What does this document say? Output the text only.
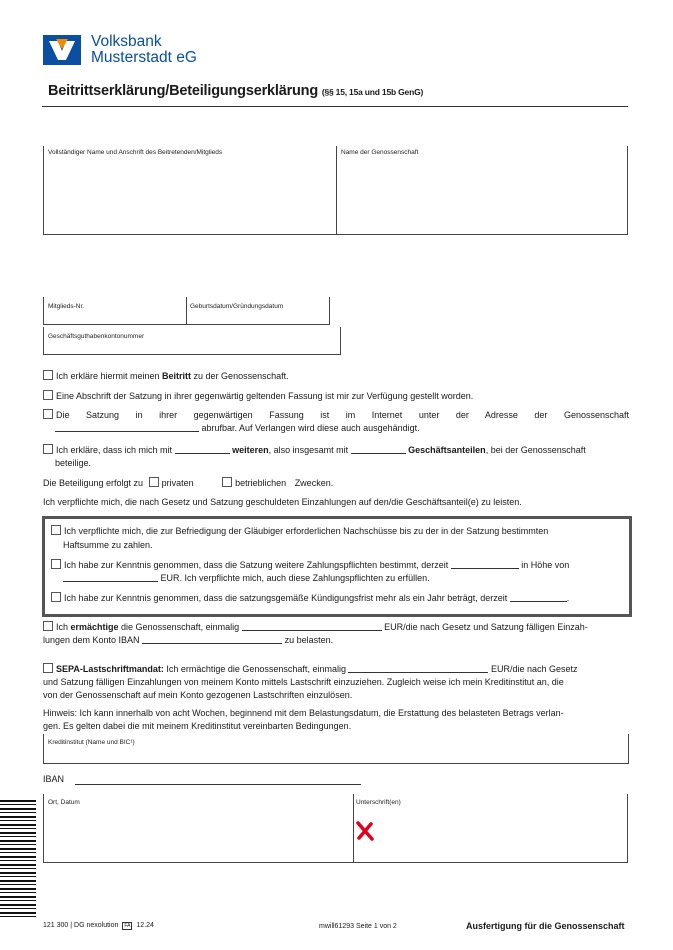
Volksbank
Musterstadt eG
Beitrittserklärung/Beteiligungserklärung (§§ 15, 15a und 15b GenG)
Vollständiger Name und Anschrift des Beitretenden/Mitglieds	Name der Genossenschaft
Mitglieds-Nr.	Geburtsdatum/Gründungsdatum
Geschäftsguthabenkontonummer
Ich erkläre hiermit meinen Beitritt zu der Genossenschaft.
Eine Abschrift der Satzung in ihrer gegenwärtig geltenden Fassung ist mir zur Verfügung gestellt worden.
Die Satzung in ihrer gegenwärtigen Fassung ist im Internet unter der Adresse der Genossenschaft
abrufbar. Auf Verlangen wird diese auch ausgehändigt.
Ich erkläre, dass ich mich mit	weiteren, also insgesamt mit	Geschäftsanteilen, bei der Genossenschaft
beteilige.
Die Beteiligung erfolgt zu privaten	betrieblichen Zwecken.
Ich verpflichte mich, die nach Gesetz und Satzung geschuldeten Einzahlungen auf den/die Geschäftsanteil(e) zu leisten.
Ich verpflichte mich, die zur Befriedigung der Gläubiger erforderlichen Nachschüsse bis zu der in der Satzung bestimmten
Haftsumme zu zahlen.
Ich habe zur Kenntnis genommen, dass die Satzung weitere Zahlungspflichten bestimmt, derzeit	in Höhe von
EUR. Ich verpflichte mich, auch diese Zahlungspflichten zu erfüllen.
Ich habe zur Kenntnis genommen, dass die satzungsgemäße Kündigungsfrist mehr als ein Jahr beträgt, derzeit	.
Ich ermächtige die Genossenschaft, einmalig	EUR/die nach Gesetz und Satzung fälligen Einzah-
lungen dem Konto IBAN	zu belasten.
SEPA-Lastschriftmandat: Ich ermächtige die Genossenschaft, einmalig	EUR/die nach Gesetz
und Satzung fälligen Einzahlungen von meinem Konto mittels Lastschrift einzuziehen. Zugleich weise ich mein Kreditinstitut an, die
von der Genossenschaft auf mein Konto gezogenen Lastschriften einzulösen.
Hinweis: Ich kann innerhalb von acht Wochen, beginnend mit dem Belastungsdatum, die Erstattung des belasteten Betrags verlan-
gen. Es gelten dabei die mit meinem Kreditinstitut vereinbarten Bedingungen.
Kreditinstitut (Name und BIC¹)
IBAN
Ort, Datum	Unterschrift(en)
121 300 | DG nexolution FA 12.24	mwill61293 Seite 1 von 2	Ausfertigung für die Genossenschaft
